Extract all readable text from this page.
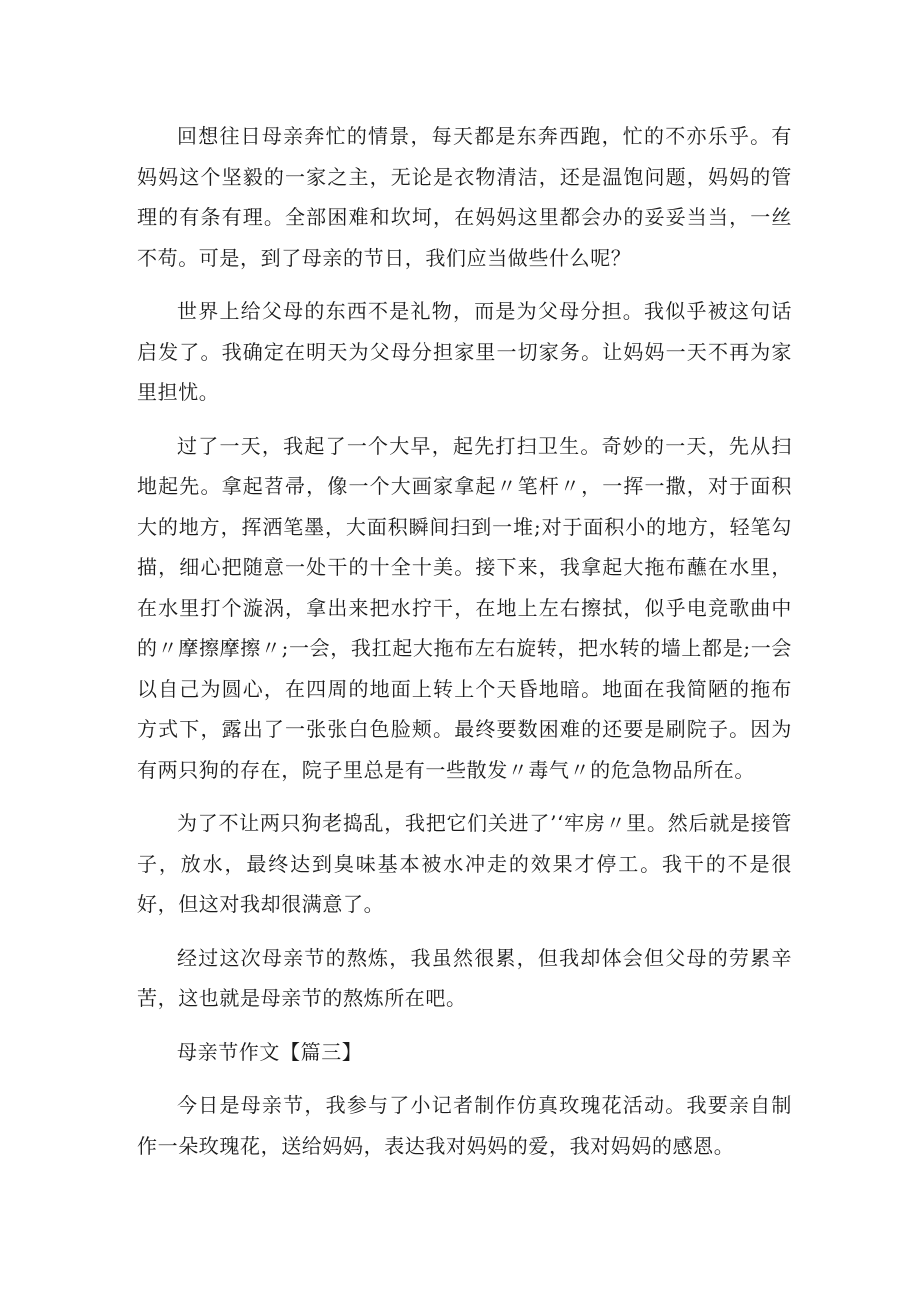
回想往日母亲奔忙的情景，每天都是东奔西跑，忙的不亦乐乎。有妈妈这个坚毅的一家之主，无论是衣物清洁，还是温饱问题，妈妈的管理的有条有理。全部困难和坎坷，在妈妈这里都会办的妥妥当当，一丝不苟。可是，到了母亲的节日，我们应当做些什么呢？

世界上给父母的东西不是礼物，而是为父母分担。我似乎被这句话启发了。我确定在明天为父母分担家里一切家务。让妈妈一天不再为家里担忧。

过了一天，我起了一个大早，起先打扫卫生。奇妙的一天，先从扫地起先。拿起苕帚，像一个大画家拿起〃笔杆〃，一挥一撒，对于面积大的地方，挥洒笔墨，大面积瞬间扫到一堆;对于面积小的地方，轻笔勾描，细心把随意一处干的十全十美。接下来，我拿起大拖布蘸在水里，在水里打个漩涡，拿出来把水拧干，在地上左右擦拭，似乎电竞歌曲中的〃摩擦摩擦〃;一会，我扛起大拖布左右旋转，把水转的墙上都是;一会以自己为圆心，在四周的地面上转上个天昏地暗。地面在我简陋的拖布方式下，露出了一张张白色脸颊。最终要数困难的还要是刷院子。因为有两只狗的存在，院子里总是有一些散发〃毒气〃的危急物品所在。

为了不让两只狗老捣乱，我把它们关进了’‘牢房〃里。然后就是接管子，放水，最终达到臭味基本被水冲走的效果才停工。我干的不是很好，但这对我却很满意了。

经过这次母亲节的熬炼，我虽然很累，但我却体会但父母的劳累辛苦，这也就是母亲节的熬炼所在吧。

母亲节作文【篇三】

今日是母亲节，我参与了小记者制作仿真玫瑰花活动。我要亲自制作一朵玫瑰花，送给妈妈，表达我对妈妈的爱，我对妈妈的感恩。
